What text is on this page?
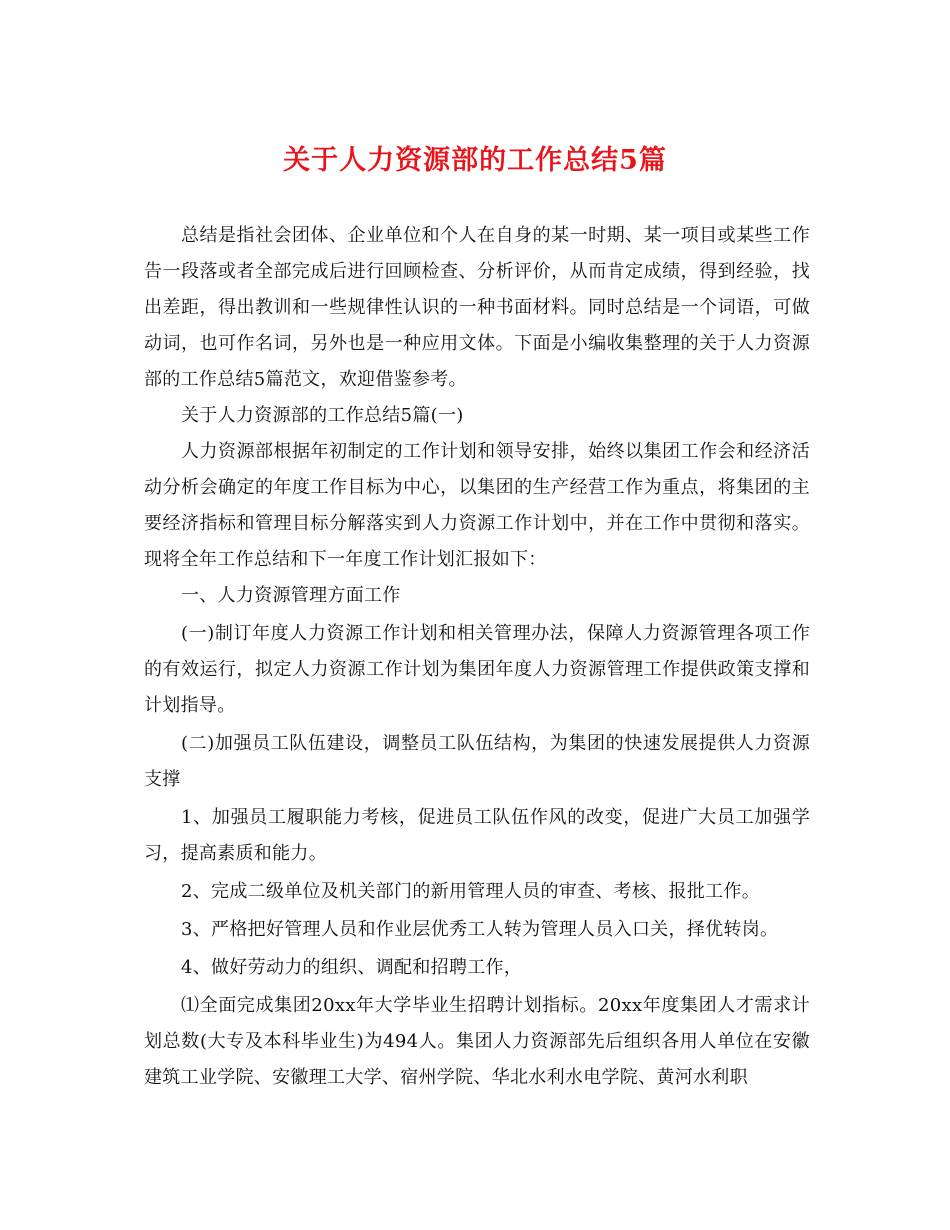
关于人力资源部的工作总结5篇

总结是指社会团体、企业单位和个人在自身的某一时期、某一项目或某些工作告一段落或者全部完成后进行回顾检查、分析评价，从而肯定成绩，得到经验，找出差距，得出教训和一些规律性认识的一种书面材料。同时总结是一个词语，可做动词，也可作名词，另外也是一种应用文体。下面是小编收集整理的关于人力资源部的工作总结5篇范文，欢迎借鉴参考。

关于人力资源部的工作总结5篇(一)

人力资源部根据年初制定的工作计划和领导安排，始终以集团工作会和经济活动分析会确定的年度工作目标为中心，以集团的生产经营工作为重点，将集团的主要经济指标和管理目标分解落实到人力资源工作计划中，并在工作中贯彻和落实。现将全年工作总结和下一年度工作计划汇报如下：

一、人力资源管理方面工作

(一)制订年度人力资源工作计划和相关管理办法，保障人力资源管理各项工作的有效运行，拟定人力资源工作计划为集团年度人力资源管理工作提供政策支撑和计划指导。

(二)加强员工队伍建设，调整员工队伍结构，为集团的快速发展提供人力资源支撑

1、加强员工履职能力考核，促进员工队伍作风的改变，促进广大员工加强学习，提高素质和能力。

2、完成二级单位及机关部门的新用管理人员的审查、考核、报批工作。

3、严格把好管理人员和作业层优秀工人转为管理人员入口关，择优转岗。

4、做好劳动力的组织、调配和招聘工作，

⑴全面完成集团20xx年大学毕业生招聘计划指标。20xx年度集团人才需求计划总数(大专及本科毕业生)为494人。集团人力资源部先后组织各用人单位在安徽建筑工业学院、安徽理工大学、宿州学院、华北水利水电学院、黄河水利职
